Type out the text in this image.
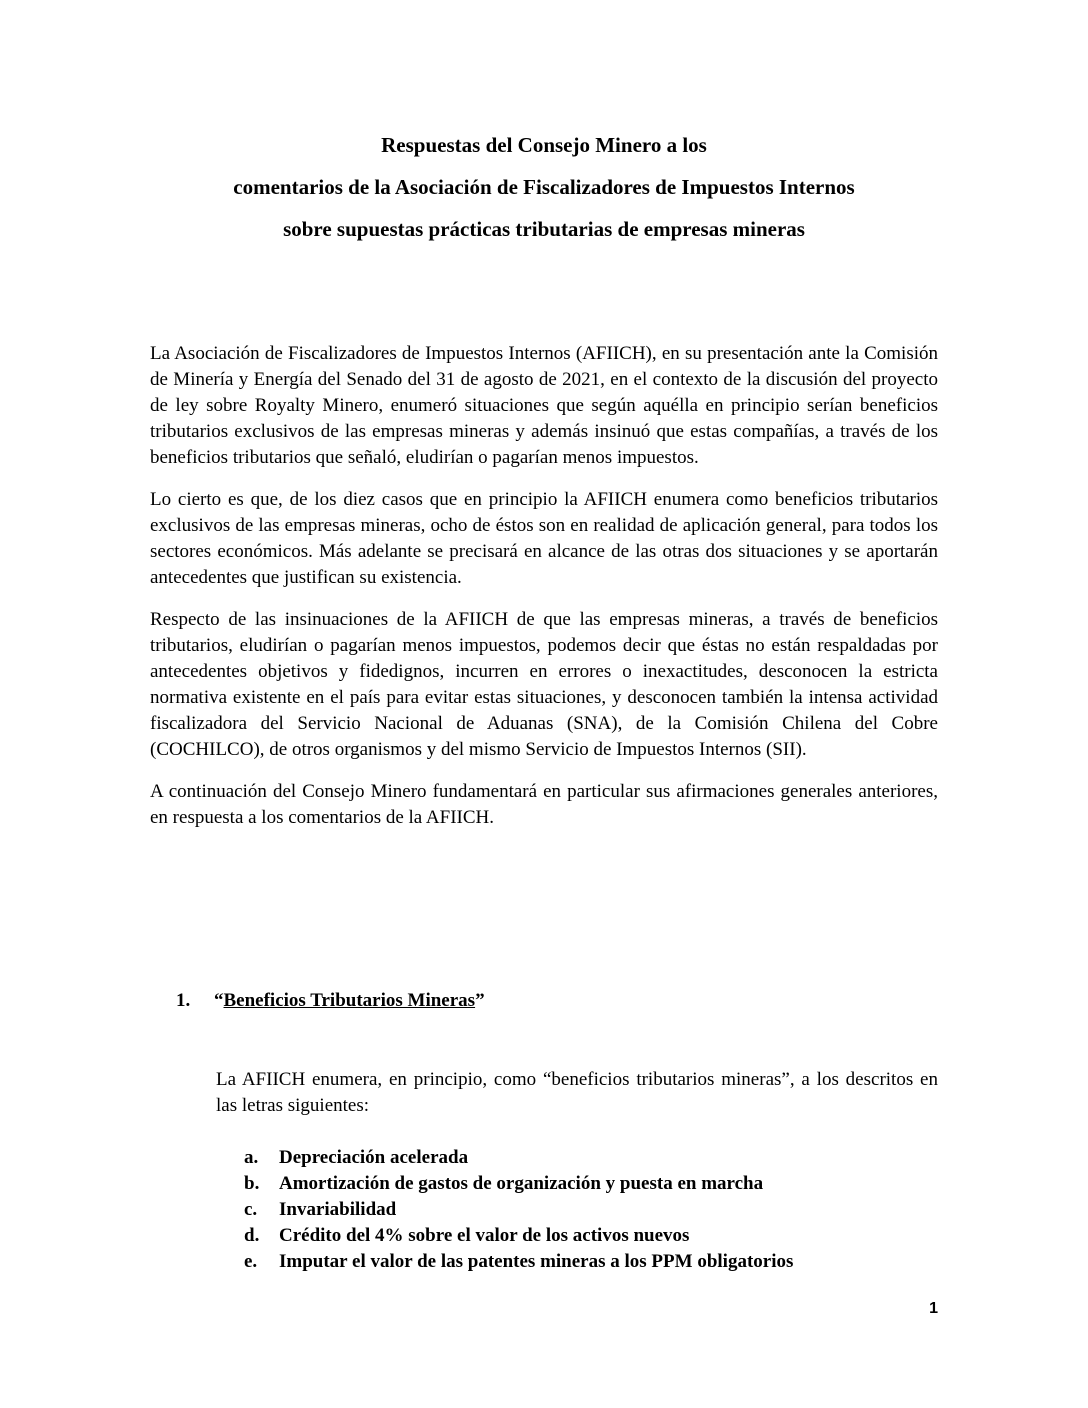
Respuestas del Consejo Minero a los
comentarios de la Asociación de Fiscalizadores de Impuestos Internos
sobre supuestas prácticas tributarias de empresas mineras

La Asociación de Fiscalizadores de Impuestos Internos (AFIICH), en su presentación ante la Comisión de Minería y Energía del Senado del 31 de agosto de 2021, en el contexto de la discusión del proyecto de ley sobre Royalty Minero, enumeró situaciones que según aquélla en principio serían beneficios tributarios exclusivos de las empresas mineras y además insinuó que estas compañías, a través de los beneficios tributarios que señaló, eludirían o pagarían menos impuestos.

Lo cierto es que, de los diez casos que en principio la AFIICH enumera como beneficios tributarios exclusivos de las empresas mineras, ocho de éstos son en realidad de aplicación general, para todos los sectores económicos. Más adelante se precisará en alcance de las otras dos situaciones y se aportarán antecedentes que justifican su existencia.

Respecto de las insinuaciones de la AFIICH de que las empresas mineras, a través de beneficios tributarios, eludirían o pagarían menos impuestos, podemos decir que éstas no están respaldadas por antecedentes objetivos y fidedignos, incurren en errores o inexactitudes, desconocen la estricta normativa existente en el país para evitar estas situaciones, y desconocen también la intensa actividad fiscalizadora del Servicio Nacional de Aduanas (SNA), de la Comisión Chilena del Cobre (COCHILCO), de otros organismos y del mismo Servicio de Impuestos Internos (SII).

A continuación del Consejo Minero fundamentará en particular sus afirmaciones generales anteriores, en respuesta a los comentarios de la AFIICH.

1. “Beneficios Tributarios Mineras”
La AFIICH enumera, en principio, como “beneficios tributarios mineras”, a los descritos en las letras siguientes:
a. Depreciación acelerada
b. Amortización de gastos de organización y puesta en marcha
c. Invariabilidad
d. Crédito del 4% sobre el valor de los activos nuevos
e. Imputar el valor de las patentes mineras a los PPM obligatorios
1
